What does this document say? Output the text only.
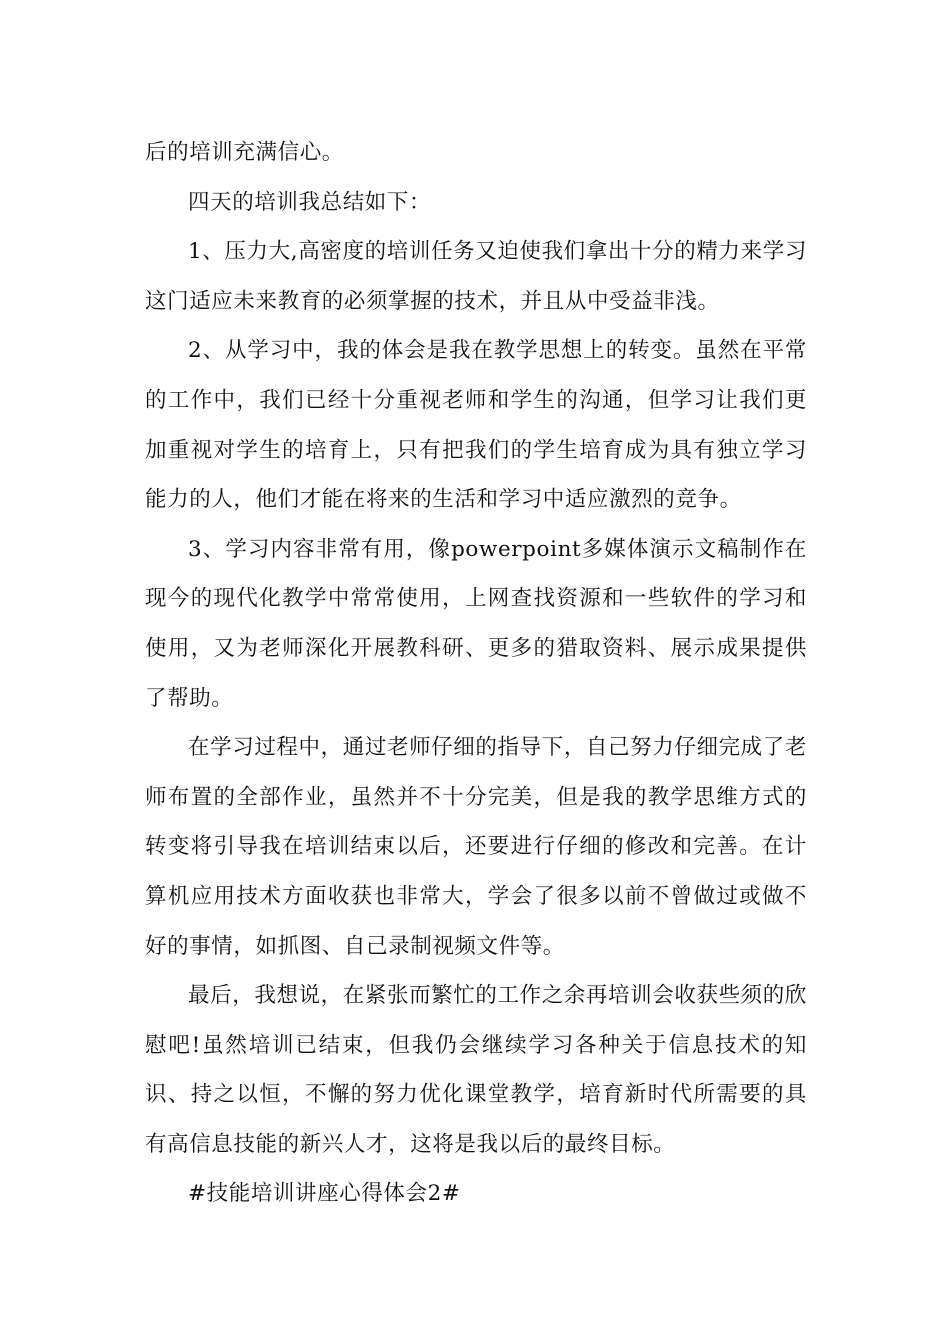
后的培训充满信心。

四天的培训我总结如下：

1、压力大,高密度的培训任务又迫使我们拿出十分的精力来学习这门适应未来教育的必须掌握的技术，并且从中受益非浅。

2、从学习中，我的体会是我在教学思想上的转变。虽然在平常的工作中，我们已经十分重视老师和学生的沟通，但学习让我们更加重视对学生的培育上，只有把我们的学生培育成为具有独立学习能力的人，他们才能在将来的生活和学习中适应激烈的竞争。

3、学习内容非常有用，像powerpoint多媒体演示文稿制作在现今的现代化教学中常常使用，上网查找资源和一些软件的学习和使用，又为老师深化开展教科研、更多的猎取资料、展示成果提供了帮助。

在学习过程中，通过老师仔细的指导下，自己努力仔细完成了老师布置的全部作业，虽然并不十分完美，但是我的教学思维方式的转变将引导我在培训结束以后，还要进行仔细的修改和完善。在计算机应用技术方面收获也非常大，学会了很多以前不曾做过或做不好的事情，如抓图、自己录制视频文件等。

最后，我想说，在紧张而繁忙的工作之余再培训会收获些须的欣慰吧!虽然培训已结束，但我仍会继续学习各种关于信息技术的知识、持之以恒，不懈的努力优化课堂教学，培育新时代所需要的具有高信息技能的新兴人才，这将是我以后的最终目标。

#技能培训讲座心得体会2#
